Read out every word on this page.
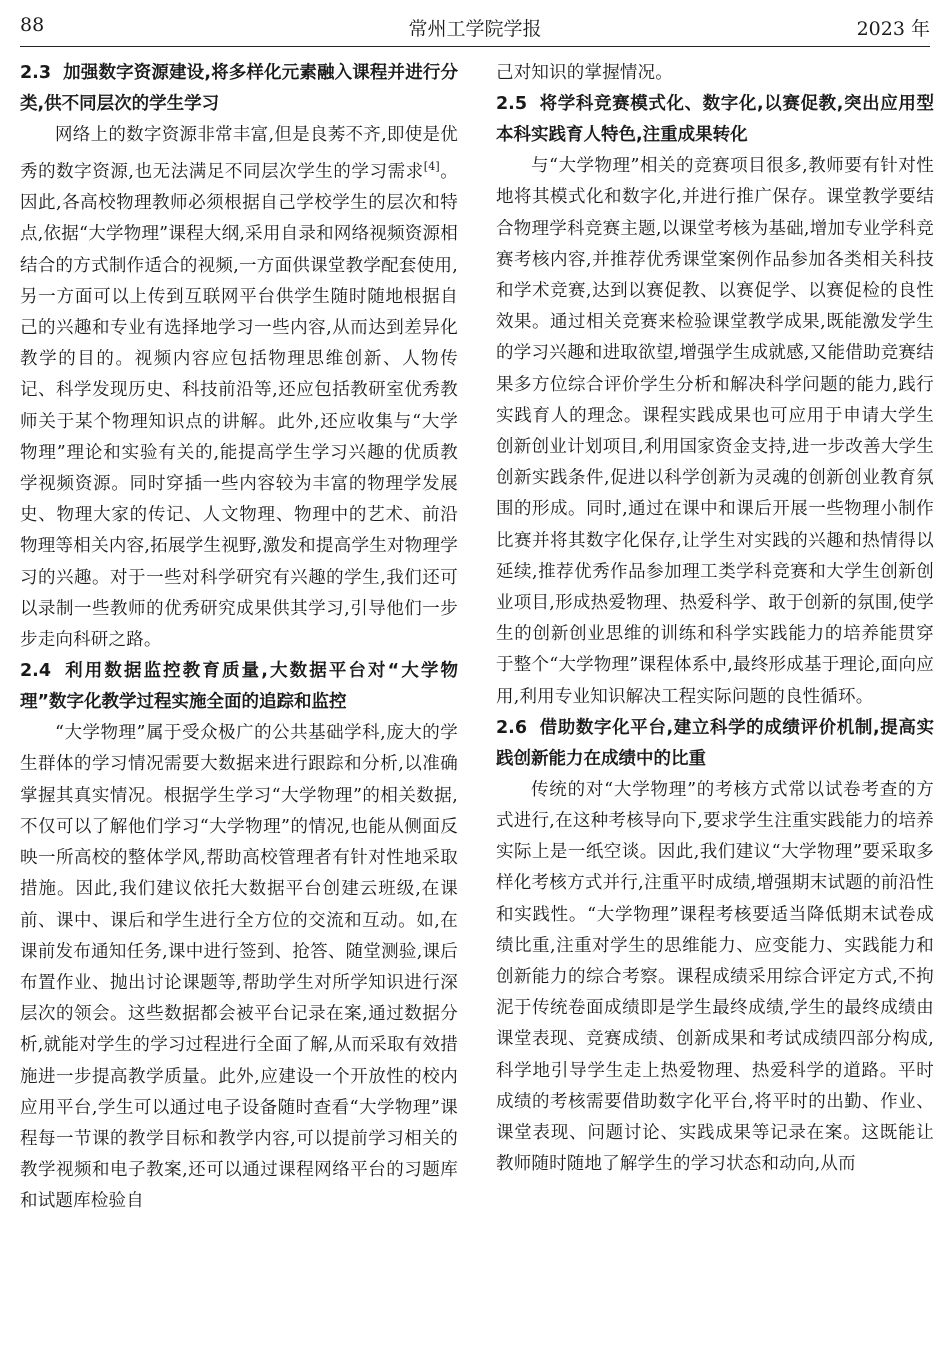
88	常州工学院学报	2023 年
2.3 加强数字资源建设,将多样化元素融入课程并进行分类,供不同层次的学生学习

网络上的数字资源非常丰富,但是良莠不齐,即使是优秀的数字资源,也无法满足不同层次学生的学习需求[4]。因此,各高校物理教师必须根据自己学校学生的层次和特点,依据“大学物理”课程大纲,采用自录和网络视频资源相结合的方式制作适合的视频,一方面供课堂教学配套使用,另一方面可以上传到互联网平台供学生随时随地根据自己的兴趣和专业有选择地学习一些内容,从而达到差异化教学的目的。视频内容应包括物理思维创新、人物传记、科学发现历史、科技前沿等,还应包括教研室优秀教师关于某个物理知识点的讲解。此外,还应收集与“大学物理”理论和实验有关的,能提高学生学习兴趣的优质教学视频资源。同时穿插一些内容较为丰富的物理学发展史、物理大家的传记、人文物理、物理中的艺术、前沿物理等相关内容,拓展学生视野,激发和提高学生对物理学习的兴趣。对于一些对科学研究有兴趣的学生,我们还可以录制一些教师的优秀研究成果供其学习,引导他们一步步走向科研之路。

2.4 利用数据监控教育质量,大数据平台对“大学物理”数字化教学过程实施全面的追踪和监控

“大学物理”属于受众极广的公共基础学科,庞大的学生群体的学习情况需要大数据来进行跟踪和分析,以准确掌握其真实情况。根据学生学习“大学物理”的相关数据,不仅可以了解他们学习“大学物理”的情况,也能从侧面反映一所高校的整体学风,帮助高校管理者有针对性地采取措施。因此,我们建议依托大数据平台创建云班级,在课前、课中、课后和学生进行全方位的交流和互动。如,在课前发布通知任务,课中进行签到、抢答、随堂测验,课后布置作业、抛出讨论课题等,帮助学生对所学知识进行深层次的领会。这些数据都会被平台记录在案,通过数据分析,就能对学生的学习过程进行全面了解,从而采取有效措施进一步提高教学质量。此外,应建设一个开放性的校内应用平台,学生可以通过电子设备随时查看“大学物理”课程每一节课的教学目标和教学内容,可以提前学习相关的教学视频和电子教案,还可以通过课程网络平台的习题库和试题库检验自

己对知识的掌握情况。

2.5 将学科竞赛模式化、数字化,以赛促教,突出应用型本科实践育人特色,注重成果转化

与“大学物理”相关的竞赛项目很多,教师要有针对性地将其模式化和数字化,并进行推广保存。课堂教学要结合物理学科竞赛主题,以课堂考核为基础,增加专业学科竞赛考核内容,并推荐优秀课堂案例作品参加各类相关科技和学术竞赛,达到以赛促教、以赛促学、以赛促检的良性效果。通过相关竞赛来检验课堂教学成果,既能激发学生的学习兴趣和进取欲望,增强学生成就感,又能借助竞赛结果多方位综合评价学生分析和解决科学问题的能力,践行实践育人的理念。课程实践成果也可应用于申请大学生创新创业计划项目,利用国家资金支持,进一步改善大学生创新实践条件,促进以科学创新为灵魂的创新创业教育氛围的形成。同时,通过在课中和课后开展一些物理小制作比赛并将其数字化保存,让学生对实践的兴趣和热情得以延续,推荐优秀作品参加理工类学科竞赛和大学生创新创业项目,形成热爱物理、热爱科学、敢于创新的氛围,使学生的创新创业思维的训练和科学实践能力的培养能贯穿于整个“大学物理”课程体系中,最终形成基于理论,面向应用,利用专业知识解决工程实际问题的良性循环。

2.6 借助数字化平台,建立科学的成绩评价机制,提高实践创新能力在成绩中的比重

传统的对“大学物理”的考核方式常以试卷考查的方式进行,在这种考核导向下,要求学生注重实践能力的培养实际上是一纸空谈。因此,我们建议“大学物理”要采取多样化考核方式并行,注重平时成绩,增强期末试题的前沿性和实践性。“大学物理”课程考核要适当降低期末试卷成绩比重,注重对学生的思维能力、应变能力、实践能力和创新能力的综合考察。课程成绩采用综合评定方式,不拘泥于传统卷面成绩即是学生最终成绩,学生的最终成绩由课堂表现、竞赛成绩、创新成果和考试成绩四部分构成,科学地引导学生走上热爱物理、热爱科学的道路。平时成绩的考核需要借助数字化平台,将平时的出勤、作业、课堂表现、问题讨论、实践成果等记录在案。这既能让教师随时随地了解学生的学习状态和动向,从而
